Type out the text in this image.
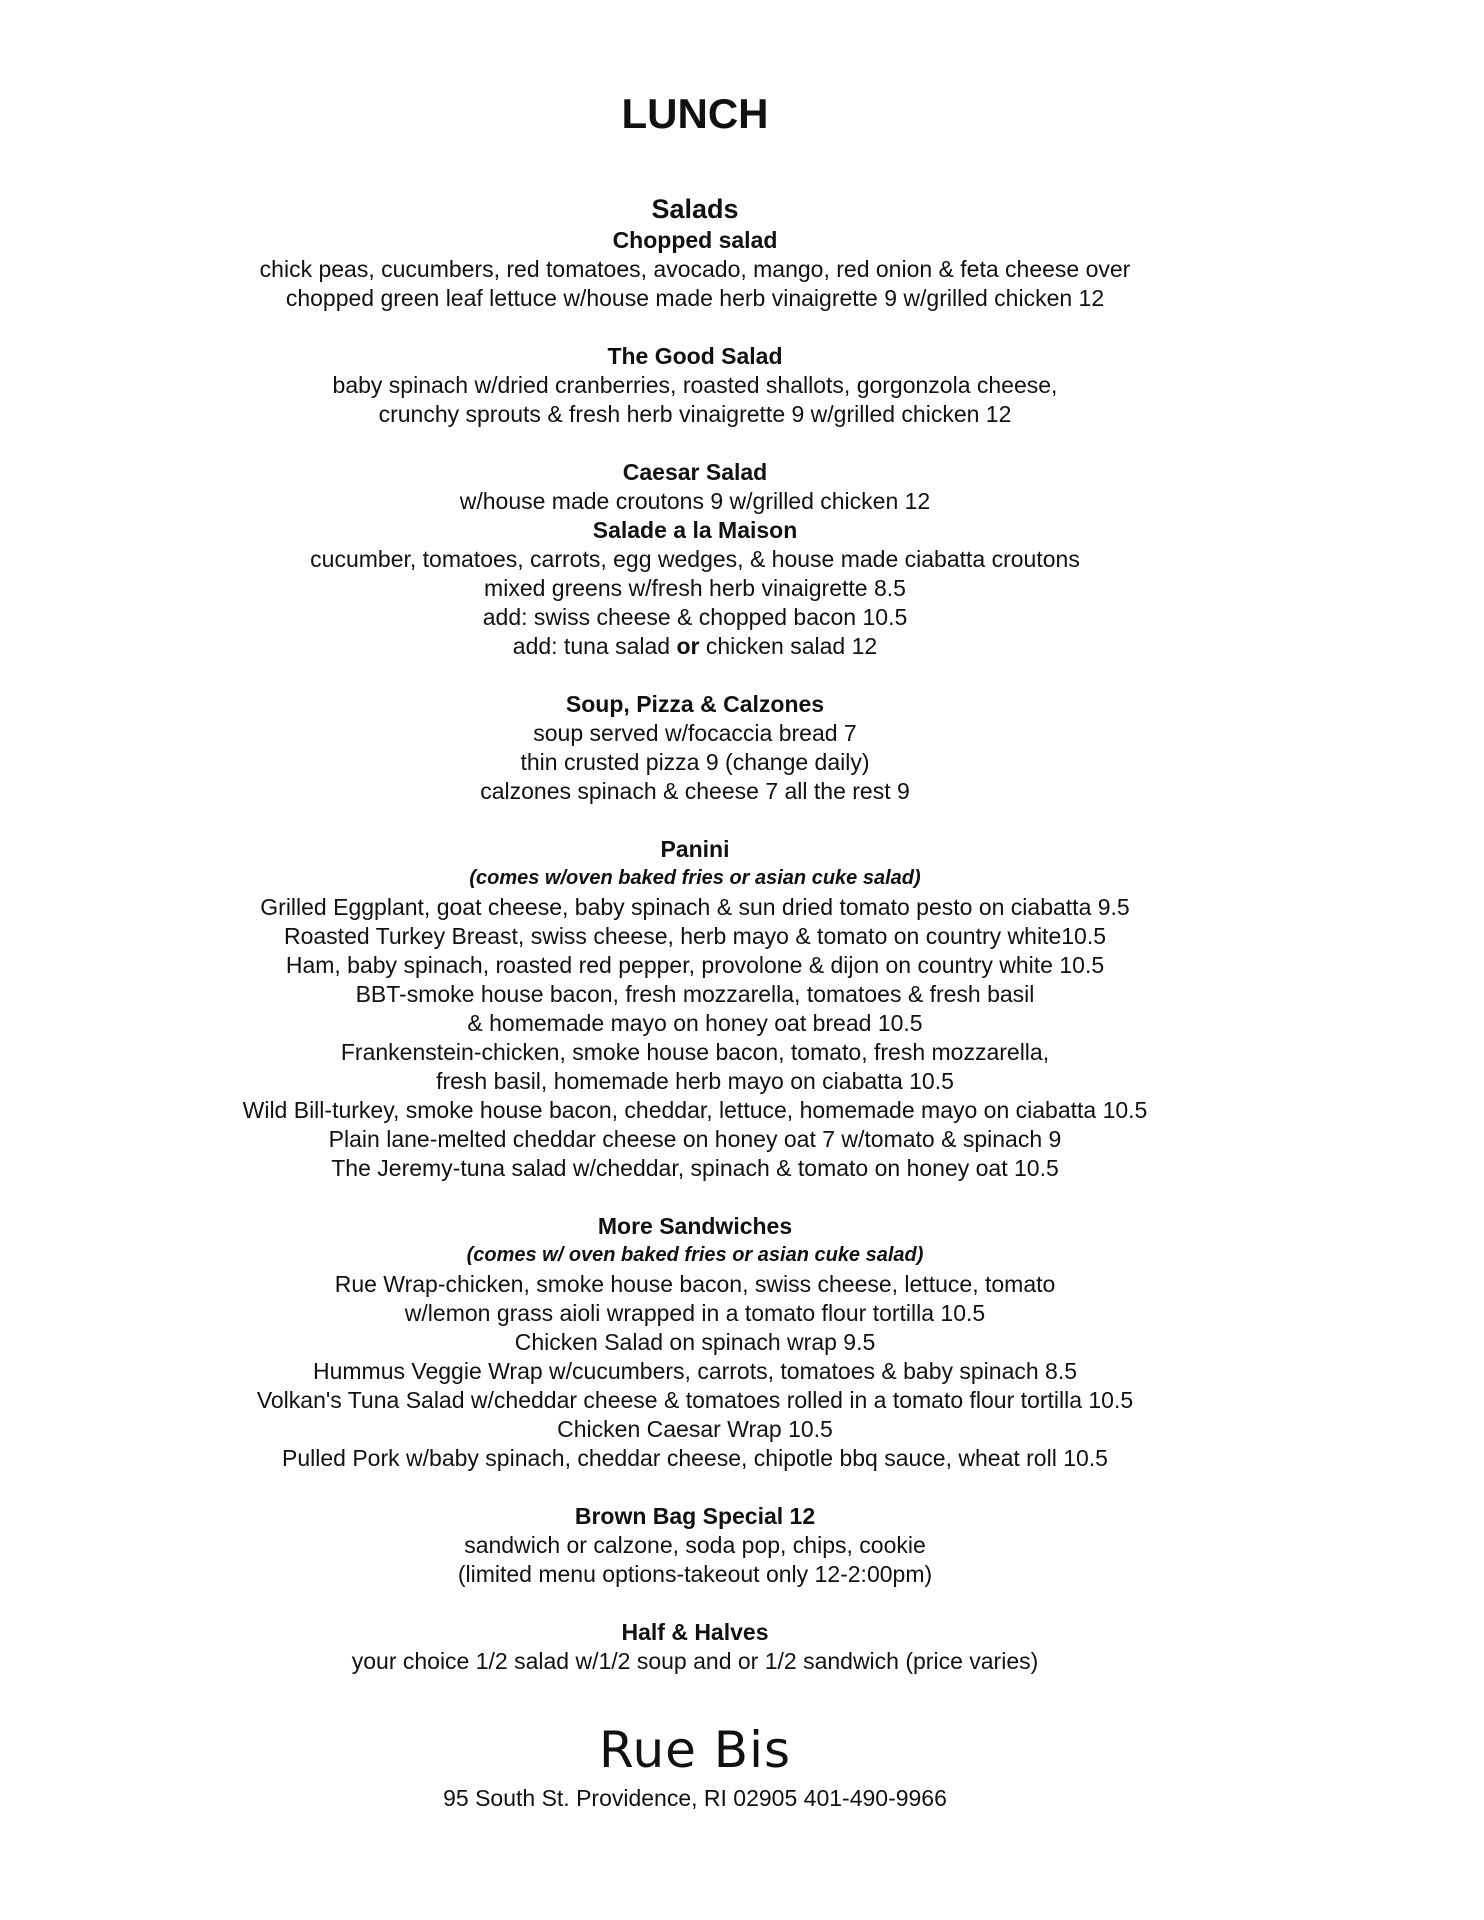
LUNCH

Salads

Chopped salad

chick peas, cucumbers, red tomatoes, avocado, mango, red onion & feta cheese over

chopped green leaf lettuce w/house made herb vinaigrette 9 w/grilled chicken 12

The Good Salad

baby spinach w/dried cranberries, roasted shallots, gorgonzola cheese,

crunchy sprouts & fresh herb vinaigrette 9 w/grilled chicken 12

Caesar Salad

w/house made croutons 9 w/grilled chicken 12

Salade a la Maison

cucumber, tomatoes, carrots, egg wedges, & house made ciabatta croutons

mixed greens w/fresh herb vinaigrette 8.5

add: swiss cheese & chopped bacon 10.5

add: tuna salad or chicken salad 12

Soup, Pizza & Calzones

soup served w/focaccia bread 7

thin crusted pizza 9 (change daily)

calzones spinach & cheese 7 all the rest 9

Panini

(comes w/oven baked fries or asian cuke salad)

Grilled Eggplant, goat cheese, baby spinach & sun dried tomato pesto on ciabatta 9.5

Roasted Turkey Breast, swiss cheese, herb mayo & tomato on country white10.5

Ham, baby spinach, roasted red pepper, provolone & dijon on country white 10.5

BBT-smoke house bacon, fresh mozzarella, tomatoes & fresh basil

& homemade mayo on honey oat bread 10.5

Frankenstein-chicken, smoke house bacon, tomato, fresh mozzarella,

fresh basil, homemade herb mayo on ciabatta 10.5

Wild Bill-turkey, smoke house bacon, cheddar, lettuce, homemade mayo on ciabatta 10.5

Plain lane-melted cheddar cheese on honey oat 7 w/tomato & spinach 9

The Jeremy-tuna salad w/cheddar, spinach & tomato on honey oat 10.5

More Sandwiches

(comes w/ oven baked fries or asian cuke salad)

Rue Wrap-chicken, smoke house bacon, swiss cheese, lettuce, tomato

w/lemon grass aioli wrapped in a tomato flour tortilla 10.5

Chicken Salad on spinach wrap 9.5

Hummus Veggie Wrap w/cucumbers, carrots, tomatoes & baby spinach 8.5

Volkan's Tuna Salad w/cheddar cheese & tomatoes rolled in a tomato flour tortilla 10.5

Chicken Caesar Wrap 10.5

Pulled Pork w/baby spinach, cheddar cheese, chipotle bbq sauce, wheat roll 10.5

Brown Bag Special 12

sandwich or calzone, soda pop, chips, cookie

(limited menu options-takeout only 12-2:00pm)

Half & Halves

your choice 1/2 salad w/1/2 soup and or 1/2 sandwich (price varies)

Rue Bis

95 South St. Providence, RI 02905 401-490-9966
